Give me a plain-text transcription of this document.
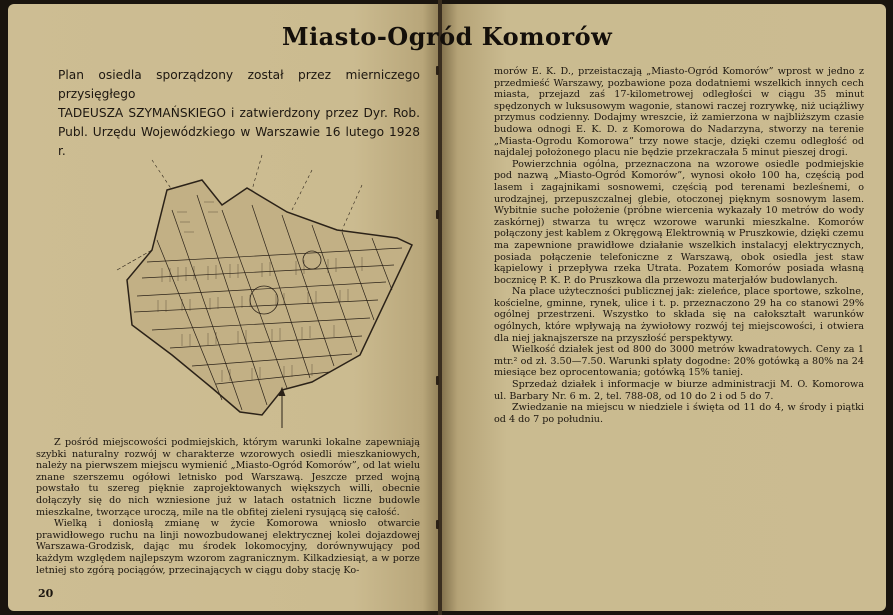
Miasto-Ogród Komorów
Plan osiedla sporządzony został przez mierniczego przysięgłego
TADEUSZA SZYMAŃSKIEGO i zatwierdzony przez Dyr. Rob.
Publ. Urzędu Wojewódzkiego w Warszawie 16 lutego 1928 r.

Z pośród miejscowości podmiejskich, którym warunki lokalne zapewniają szybki naturalny rozwój w charakterze wzorowych osiedli mieszkaniowych, należy na pierwszem miejscu wymienić „Miasto-Ogród Komorów”, od lat wielu znane szerszemu ogółowi letnisko pod Warszawą. Jeszcze przed wojną powstało tu szereg pięknie zaprojektowanych większych willi, obecnie dołączyły się do nich wzniesione już w latach ostatnich liczne budowle mieszkalne, tworzące uroczą, mile na tle obfitej zieleni rysującą się całość.

Wielką i doniosłą zmianę w życie Komorowa wniosło otwarcie prawidłowego ruchu na linji nowozbudowanej elektrycznej kolei dojazdowej Warszawa-Grodzisk, dając mu środek lokomocyjny, dorównywujący pod każdym względem najlepszym wzorom zagranicznym. Kilkadziesiąt, a w porze letniej sto zgórą pociągów, przecinających w ciągu doby stację Ko-

morów E. K. D., przeistaczają „Miasto-Ogród Komorów” wprost w jedno z przedmieść Warszawy, pozbawione poza dodatniemi wszelkich innych cech miasta, przejazd zaś 17-kilometrowej odległości w ciągu 35 minut spędzonych w luksusowym wagonie, stanowi raczej rozrywkę, niż uciążliwy przymus codzienny. Dodajmy wreszcie, iż zamierzona w najbliższym czasie budowa odnogi E. K. D. z Komorowa do Nadarzyna, stworzy na terenie „Miasta-Ogrodu Komorowa” trzy nowe stacje, dzięki czemu odległość od najdalej położonego placu nie będzie przekraczała 5 minut pieszej drogi.

Powierzchnia ogólna, przeznaczona na wzorowe osiedle podmiejskie pod nazwą „Miasto-Ogród Komorów”, wynosi około 100 ha, częścią pod lasem i zagajnikami sosnowemi, częścią pod terenami bezleśnemi, o urodzajnej, przepuszczalnej glebie, otoczonej pięknym sosnowym lasem. Wybitnie suche położenie (próbne wiercenia wykazały 10 metrów do wody zaskórnej) stwarza tu wręcz wzorowe warunki mieszkalne. Komorów połączony jest kablem z Okręgową Elektrownią w Pruszkowie, dzięki czemu ma zapewnione prawidłowe działanie wszelkich instalacyj elektrycznych, posiada połączenie telefoniczne z Warszawą, obok osiedla jest staw kąpielowy i przepływa rzeka Utrata. Pozatem Komorów posiada własną bocznicę P. K. P. do Pruszkowa dla przewozu materjałów budowlanych.

Na place użyteczności publicznej jak: zieleńce, place sportowe, szkolne, kościelne, gminne, rynek, ulice i t. p. przeznaczono 29 ha co stanowi 29% ogólnej przestrzeni. Wszystko to składa się na całokształt warunków ogólnych, które wpływają na żywiołowy rozwój tej miejscowości, i otwiera dla niej jaknajszersze na przyszłość perspektywy.

Wielkość działek jest od 800 do 3000 metrów kwadratowych. Ceny za 1 mtr.² od zł. 3.50—7.50. Warunki spłaty dogodne: 20% gotówką a 80% na 24 miesiące bez oprocentowania; gotówką 15% taniej.

Sprzedaż działek i informacje w biurze administracji M. O. Komorowa ul. Barbary Nr. 6 m. 2, tel. 788-08, od 10 do 2 i od 5 do 7.

Zwiedzanie na miejscu w niedziele i święta od 11 do 4, w środy i piątki od 4 do 7 po południu.

20
